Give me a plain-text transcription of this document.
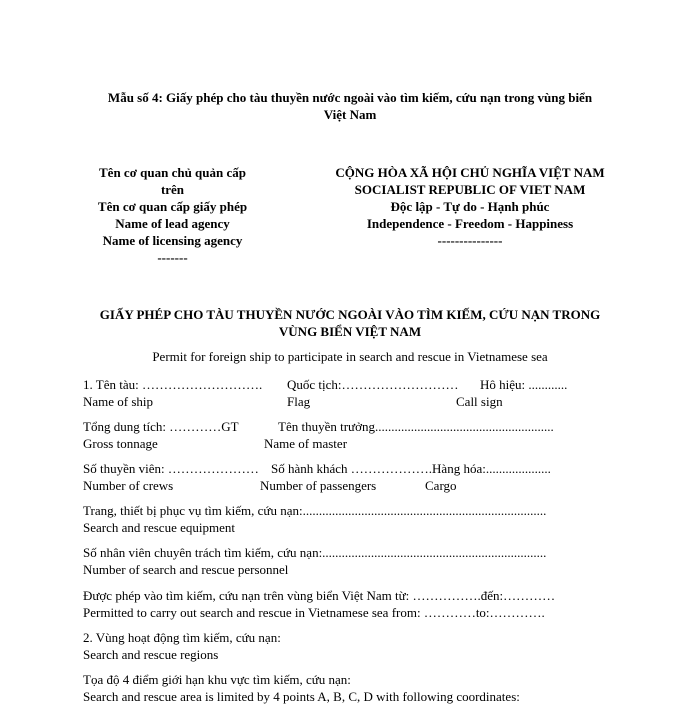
Mẫu số 4: Giấy phép cho tàu thuyền nước ngoài vào tìm kiếm, cứu nạn trong vùng biển
Việt Nam
Tên cơ quan chủ quản cấp
trên
Tên cơ quan cấp giấy phép
Name of lead agency
Name of licensing agency
-------
CỘNG HÒA XÃ HỘI CHỦ NGHĨA VIỆT NAM
SOCIALIST REPUBLIC OF VIET NAM
Độc lập - Tự do - Hạnh phúc
Independence - Freedom - Happiness
---------------
GIẤY PHÉP CHO TÀU THUYỀN NƯỚC NGOÀI VÀO TÌM KIẾM, CỨU NẠN TRONG
VÙNG BIỂN VIỆT NAM
Permit for foreign ship to participate in search and rescue in Vietnamese sea
1. Tên tàu: ………………………. Quốc tịch:……………………… Hô hiệu: ............
Name of ship	Flag	Call sign
Tổng dung tích: …………GT	Tên thuyền trưởng.......................................................
Gross tonnage	Name of master
Số thuyền viên: ………………… Số hành khách ……………….Hàng hóa:....................
Number of crews	Number of passengers	Cargo
Trang, thiết bị phục vụ tìm kiếm, cứu nạn:...........................................................................
Search and rescue equipment
Số nhân viên chuyên trách tìm kiếm, cứu nạn:.....................................................................
Number of search and rescue personnel
Được phép vào tìm kiếm, cứu nạn trên vùng biển Việt Nam từ: …………….đến:…………
Permitted to carry out search and rescue in Vietnamese sea from: …………to:………….
2. Vùng hoạt động tìm kiếm, cứu nạn:
Search and rescue regions
Tọa độ 4 điểm giới hạn khu vực tìm kiếm, cứu nạn:
Search and rescue area is limited by 4 points A, B, C, D with following coordinates:
